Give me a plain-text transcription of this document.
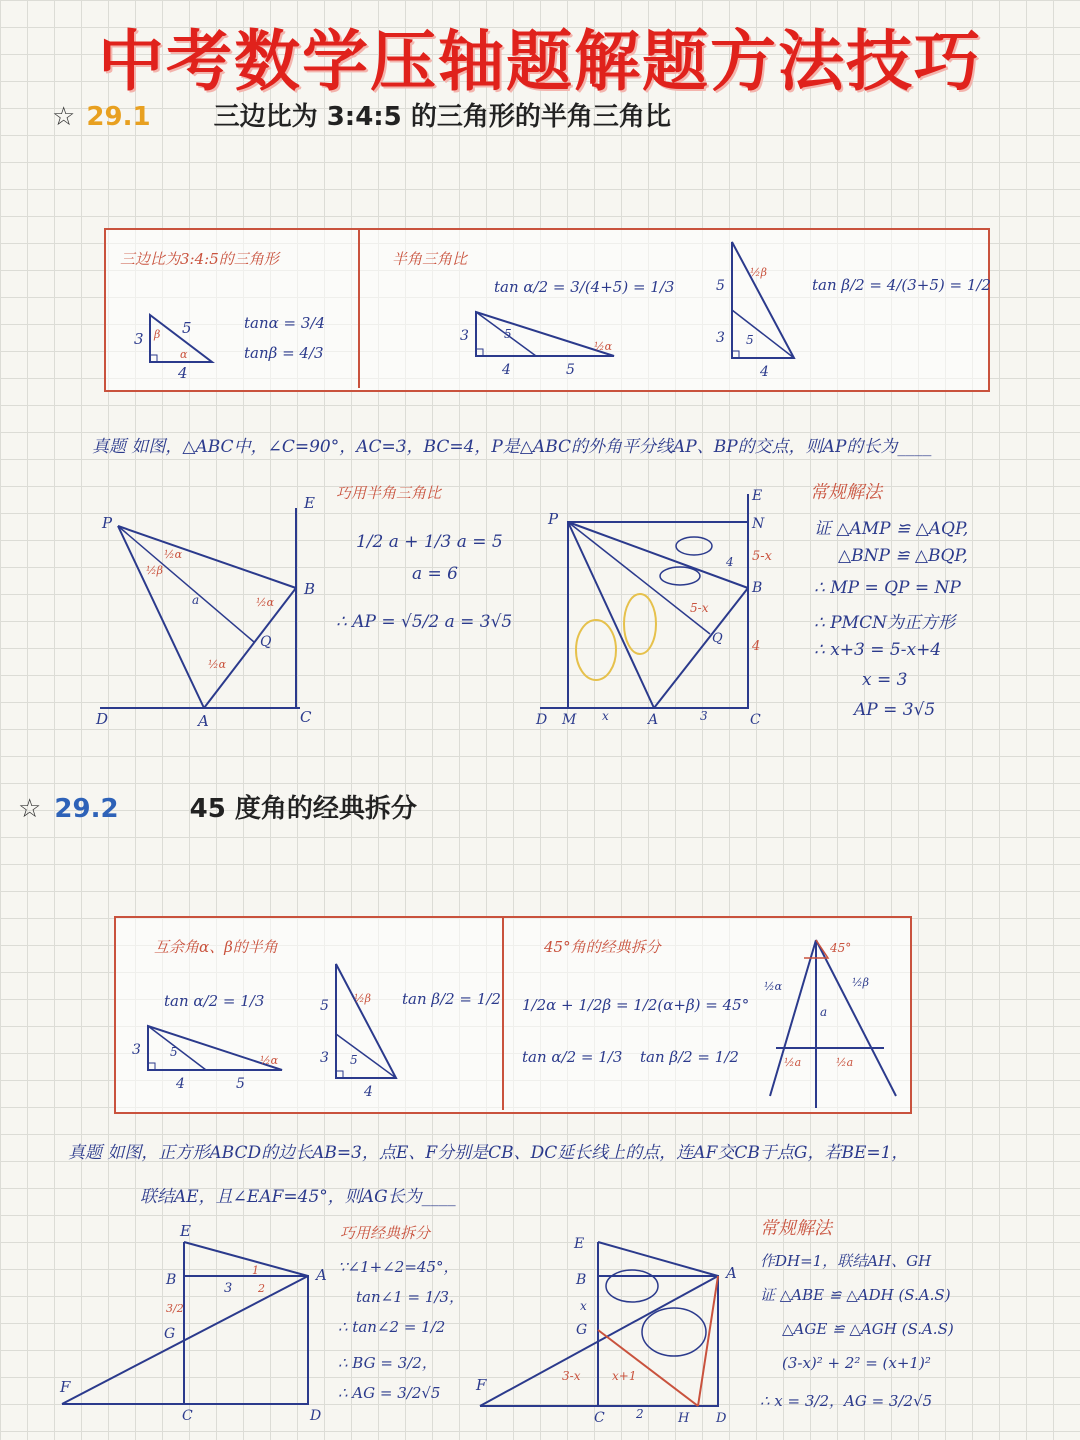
中考数学压轴题解题方法技巧
☆ 29.1 三边比为 3:4:5 的三角形的半角三角比
三边比为3:4:5的三角形	半角三角比
3
5
4
β
α
tanα = 3/4
tanβ = 4/3
3
4	5
5
½α
tan α/2 = 3/(4+5) = 1/3	5
3
4
½β
5
tan β/2 = 4/(3+5) = 1/2
真题 如图，△ABC中，∠C=90°，AC=3，BC=4，P是△ABC的外角平分线AP、BP的交点，则AP的长为____
P
E
B
Q
D	A	C
½α
½β
½α
½α
a
巧用半角三角比
1/2 a + 1/3 a = 5
a = 6
∴ AP = √5/2 a = 3√5
P
E
N
5-x
B
4
Q
4
5-x
D M x	A	3	C
常规解法
证 △AMP ≌ △AQP,
△BNP ≌ △BQP,
∴ MP = QP = NP
∴ PMCN为正方形
∴ x+3 = 5-x+4
x = 3
AP = 3√5
☆ 29.2	45 度角的经典拆分
互余角α、β的半角	45°角的经典拆分
tan α/2 = 1/3
3
4	5
5
½α
5
3
4
½β
5
tan β/2 = 1/2 1/2α + 1/2β = 1/2(α+β) = 45°
tan α/2 = 1/3 tan β/2 = 1/2
45°
½α	½β
a
½a	½a
真题 如图，正方形ABCD的边长AB=3，点E、F分别是CB、DC延长线上的点，连AF交CB于点G，若BE=1，
联结AE，且∠EAF=45°，则AG长为____
E
B	A
G
F
C	D
3
3/2
1
2
巧用经典拆分
∵∠1+∠2=45°，
tan∠1 = 1/3，
∴ tan∠2 = 1/2
∴ BG = 3/2，
∴ AG = 3/2√5
E
B	A
G
x
F
C
3-x	x+1
2	H D
常规解法
作DH=1，联结AH、GH
证 △ABE ≌ △ADH (S.A.S)
△AGE ≌ △AGH (S.A.S)
(3-x)² + 2² = (x+1)²
∴ x = 3/2，AG = 3/2√5
